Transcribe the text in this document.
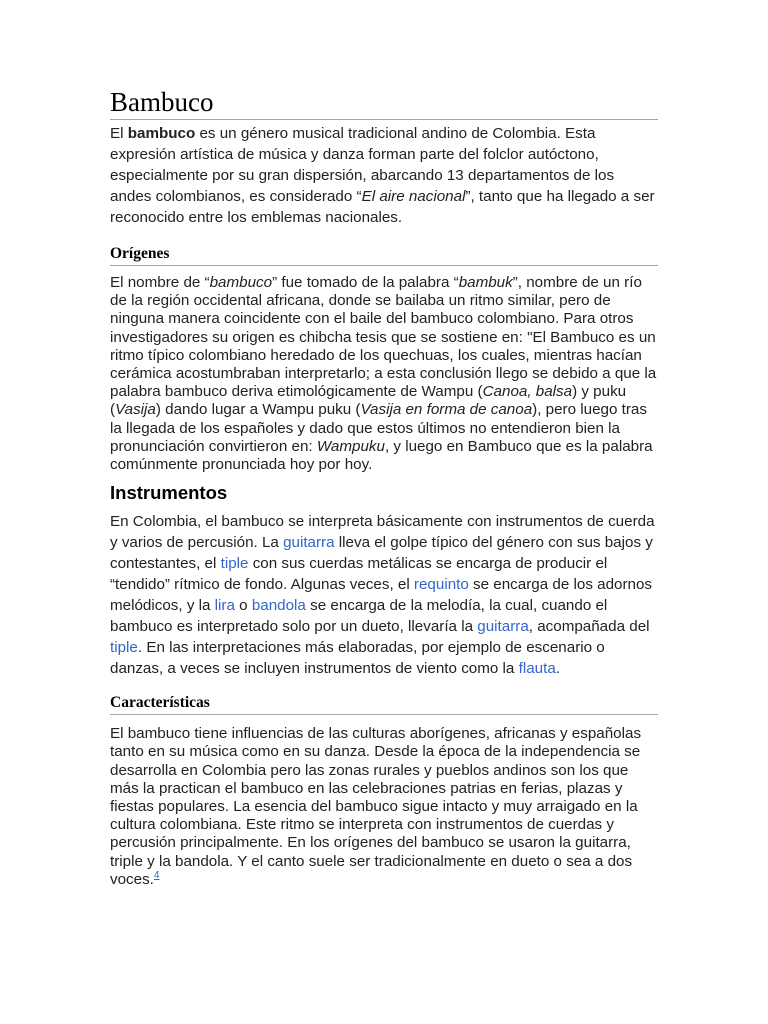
Bambuco

El bambuco es un género musical tradicional andino de Colombia. Esta expresión artística de música y danza forman parte del folclor autóctono, especialmente por su gran dispersión, abarcando 13 departamentos de los andes colombianos, es considerado “El aire nacional”, tanto que ha llegado a ser reconocido entre los emblemas nacionales.

Orígenes

El nombre de “bambuco” fue tomado de la palabra “bambuk”, nombre de un río de la región occidental africana, donde se bailaba un ritmo similar, pero de ninguna manera coincidente con el baile del bambuco colombiano. Para otros investigadores su origen es chibcha tesis que se sostiene en: "El Bambuco es un ritmo típico colombiano heredado de los quechuas, los cuales, mientras hacían cerámica acostumbraban interpretarlo; a esta conclusión llego se debido a que la palabra bambuco deriva etimológicamente de Wampu (Canoa, balsa) y puku (Vasija) dando lugar a Wampu puku (Vasija en forma de canoa), pero luego tras la llegada de los españoles y dado que estos últimos no entendieron bien la pronunciación convirtieron en: Wampuku, y luego en Bambuco que es la palabra comúnmente pronunciada hoy por hoy.

Instrumentos

En Colombia, el bambuco se interpreta básicamente con instrumentos de cuerda y varios de percusión. La guitarra lleva el golpe típico del género con sus bajos y contestantes, el tiple con sus cuerdas metálicas se encarga de producir el “tendido” rítmico de fondo. Algunas veces, el requinto se encarga de los adornos melódicos, y la lira o bandola se encarga de la melodía, la cual, cuando el bambuco es interpretado solo por un dueto, llevaría la guitarra, acompañada del tiple. En las interpretaciones más elaboradas, por ejemplo de escenario o danzas, a veces se incluyen instrumentos de viento como la flauta.

Características

El bambuco tiene influencias de las culturas aborígenes, africanas y españolas tanto en su música como en su danza. Desde la época de la independencia se desarrolla en Colombia pero las zonas rurales y pueblos andinos son los que más la practican el bambuco en las celebraciones patrias en ferias, plazas y fiestas populares. La esencia del bambuco sigue intacto y muy arraigado en la cultura colombiana. Este ritmo se interpreta con instrumentos de cuerdas y percusión principalmente. En los orígenes del bambuco se usaron la guitarra, triple y la bandola. Y el canto suele ser tradicionalmente en dueto o sea a dos voces.$^4$
